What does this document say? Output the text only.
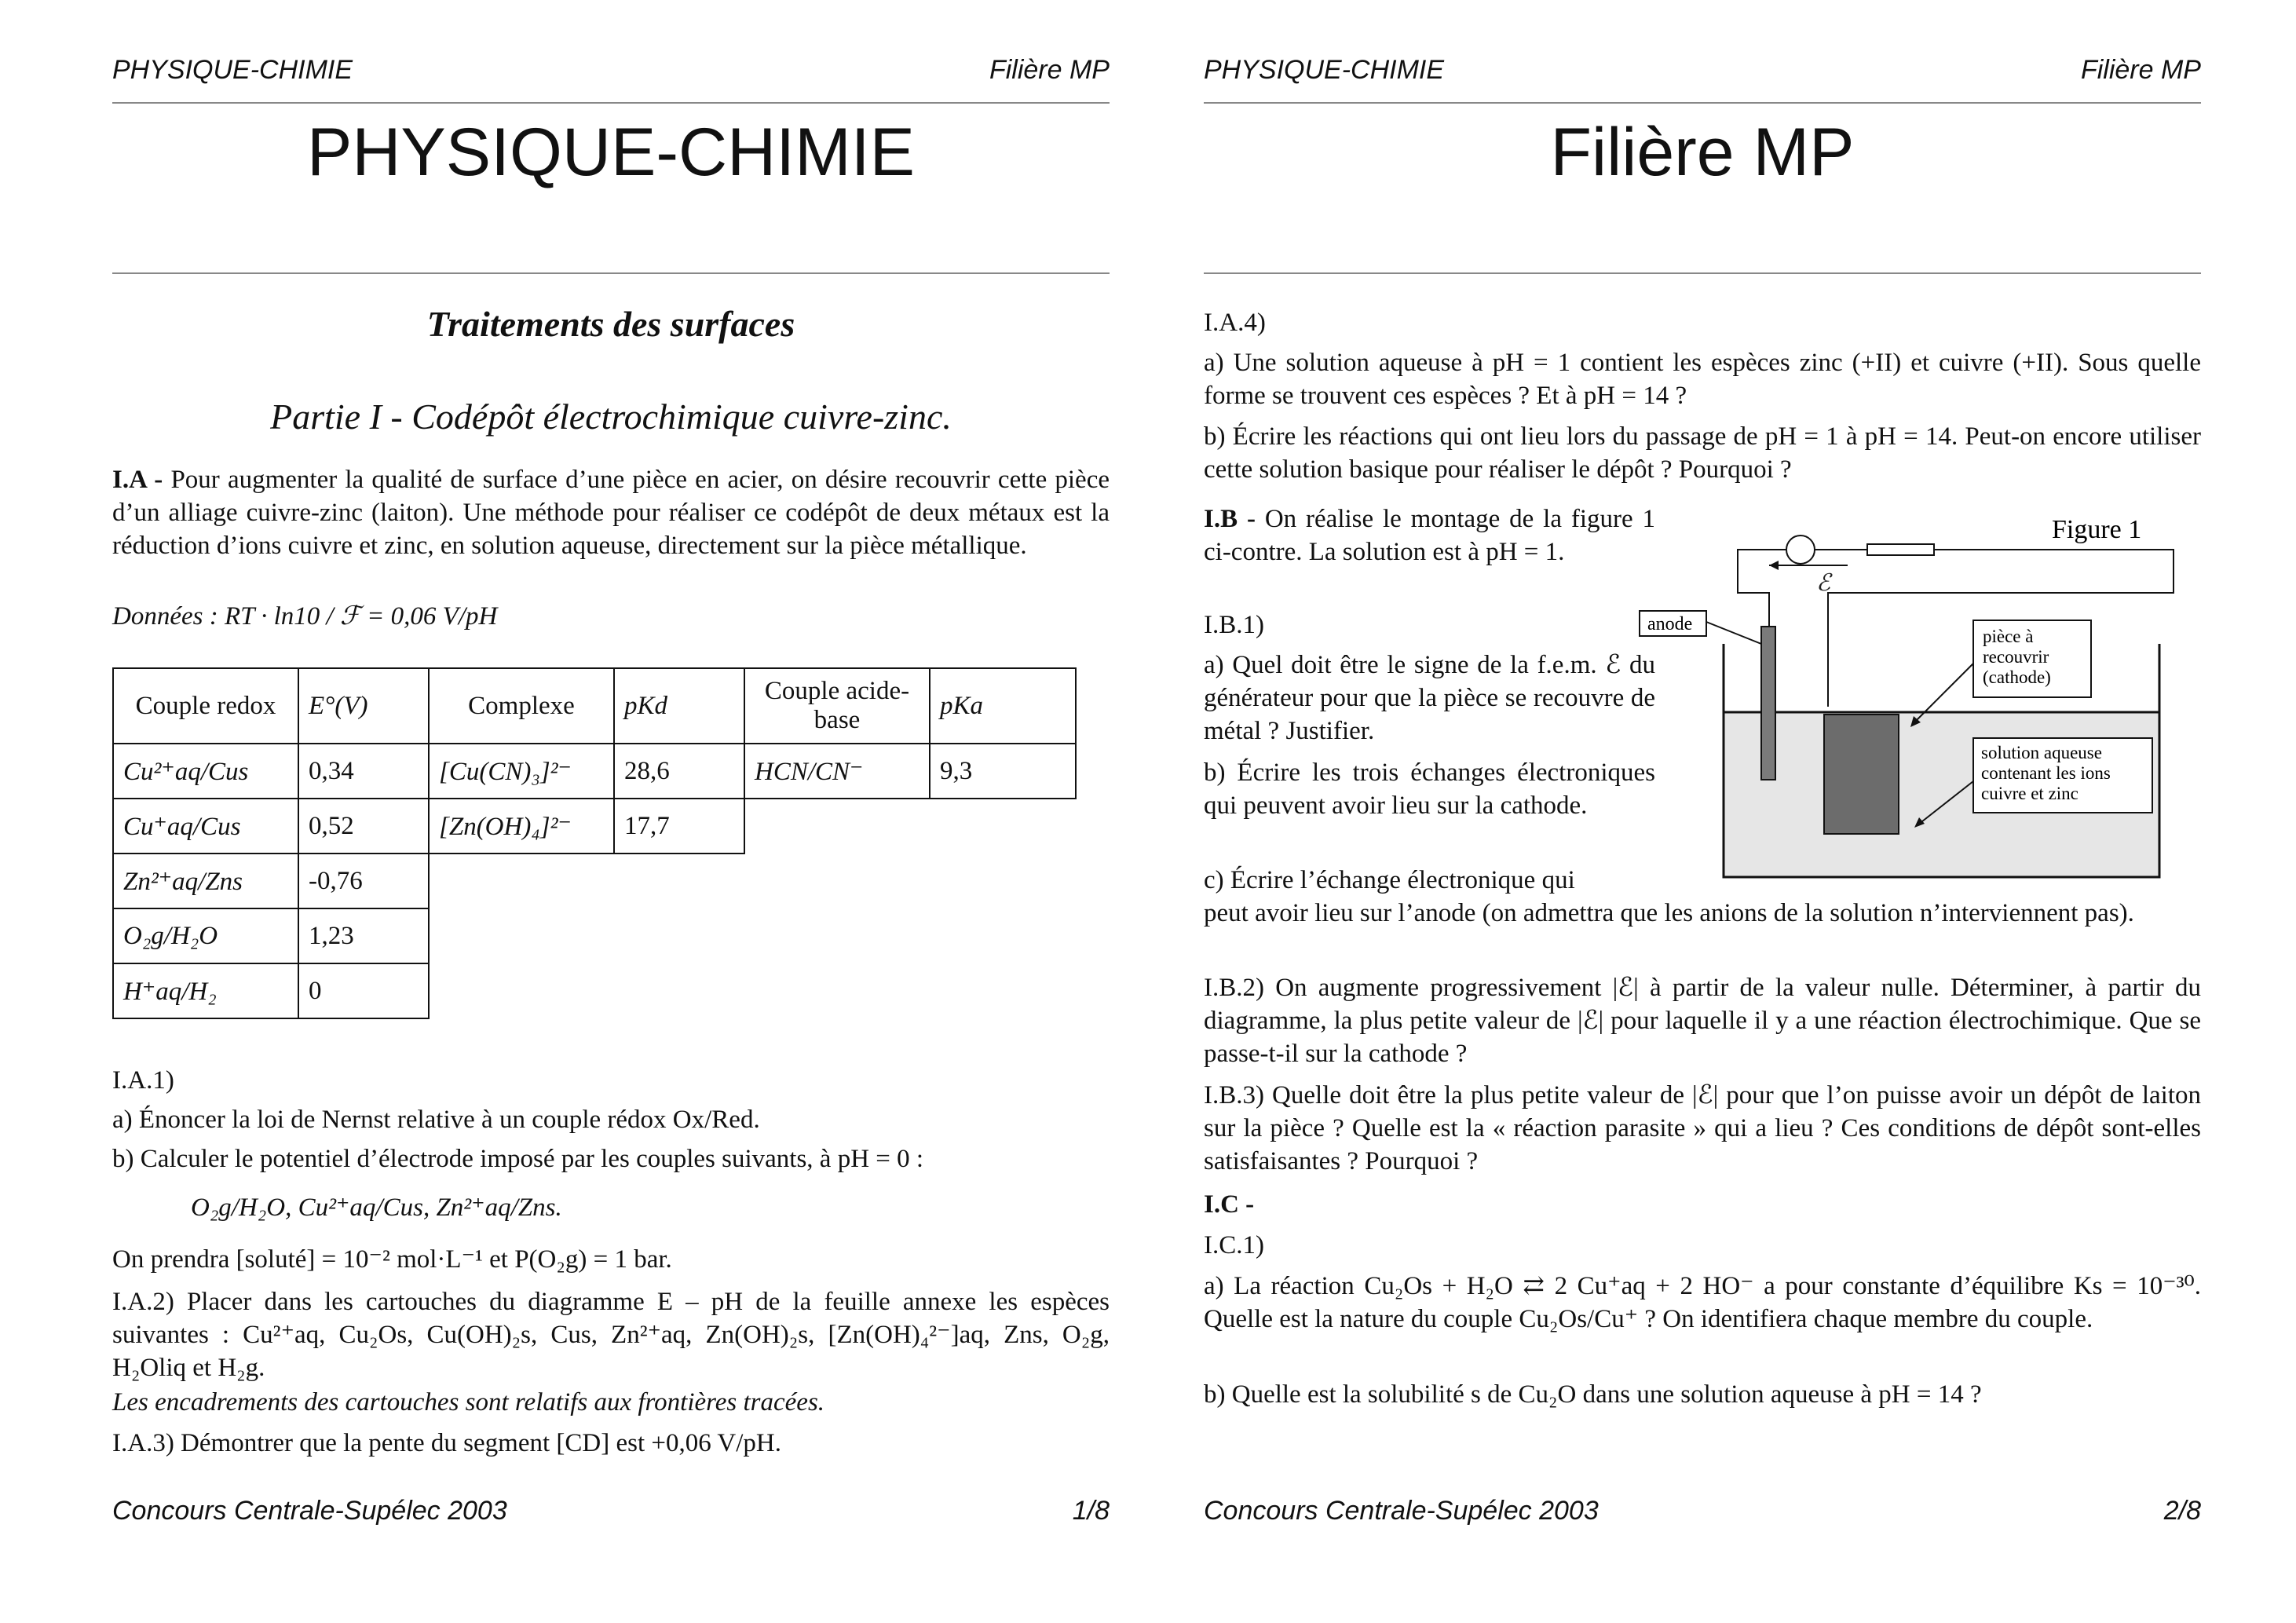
PHYSIQUE-CHIMIE	Filière MP
PHYSIQUE-CHIMIE
Traitements des surfaces
Partie I - Codépôt électrochimique cuivre-zinc.
I.A - Pour augmenter la qualité de surface d’une pièce en acier, on désire recouvrir cette pièce d’un alliage cuivre-zinc (laiton). Une méthode pour réaliser ce codépôt de deux métaux est la réduction d’ions cuivre et zinc, en solution aqueuse, directement sur la pièce métallique.
Données : RT · ln10 / ℱ = 0,06 V/pH
Couple redox	E°(V)	Complexe	pKd	Couple acide-base	pKa
Cu²⁺aq/Cus	0,34	[Cu(CN)₃]²⁻	28,6	HCN/CN⁻	9,3
Cu⁺aq/Cus	0,52	[Zn(OH)₄]²⁻	17,7		
Zn²⁺aq/Zns	-0,76				
O₂g/H₂O	1,23				
H⁺aq/H₂	0				
I.A.1)
a) Énoncer la loi de Nernst relative à un couple rédox Ox/Red.
b) Calculer le potentiel d’électrode imposé par les couples suivants, à pH = 0 :
O₂g/H₂O, Cu²⁺aq/Cus, Zn²⁺aq/Zns.
On prendra [soluté] = 10⁻² mol·L⁻¹ et P(O₂g) = 1 bar.
I.A.2) Placer dans les cartouches du diagramme E – pH de la feuille annexe les espèces suivantes : Cu²⁺aq, Cu₂Os, Cu(OH)₂s, Cus, Zn²⁺aq, Zn(OH)₂s, [Zn(OH)₄²⁻]aq, Zns, O₂g, H₂Oliq et H₂g.
Les encadrements des cartouches sont relatifs aux frontières tracées.
I.A.3) Démontrer que la pente du segment [CD] est +0,06 V/pH.
Concours Centrale-Supélec 2003	1/8
PHYSIQUE-CHIMIE	Filière MP
Filière MP
I.A.4)
a) Une solution aqueuse à pH = 1 contient les espèces zinc (+II) et cuivre (+II). Sous quelle forme se trouvent ces espèces ? Et à pH = 14 ?
b) Écrire les réactions qui ont lieu lors du passage de pH = 1 à pH = 14. Peut-on encore utiliser cette solution basique pour réaliser le dépôt ? Pourquoi ?
I.B - On réalise le montage de la figure 1 ci-contre. La solution est à pH = 1.
I.B.1)
a) Quel doit être le signe de la f.e.m. ℰ du générateur pour que la pièce se recouvre de métal ? Justifier.
b) Écrire les trois échanges électroniques qui peuvent avoir lieu sur la cathode.
c) Écrire l’échange électronique qui
peut avoir lieu sur l’anode (on admettra que les anions de la solution n’interviennent pas).
I.B.2) On augmente progressivement |ℰ| à partir de la valeur nulle. Déterminer, à partir du diagramme, la plus petite valeur de |ℰ| pour laquelle il y a une réaction électrochimique. Que se passe-t-il sur la cathode ?
I.B.3) Quelle doit être la plus petite valeur de |ℰ| pour que l’on puisse avoir un dépôt de laiton sur la pièce ? Quelle est la « réaction parasite » qui a lieu ? Ces conditions de dépôt sont-elles satisfaisantes ? Pourquoi ?
I.C -
I.C.1)
a) La réaction Cu₂Os + H₂O ⇄ 2 Cu⁺aq + 2 HO⁻ a pour constante d’équilibre Ks = 10⁻³⁰. Quelle est la nature du couple Cu₂Os/Cu⁺ ? On identifiera chaque membre du couple.
b) Quelle est la solubilité s de Cu₂O dans une solution aqueuse à pH = 14 ?
Figure 1
ℰ
anode
pièce à recouvrir (cathode)
solution aqueuse contenant les ions cuivre et zinc
Concours Centrale-Supélec 2003	2/8
